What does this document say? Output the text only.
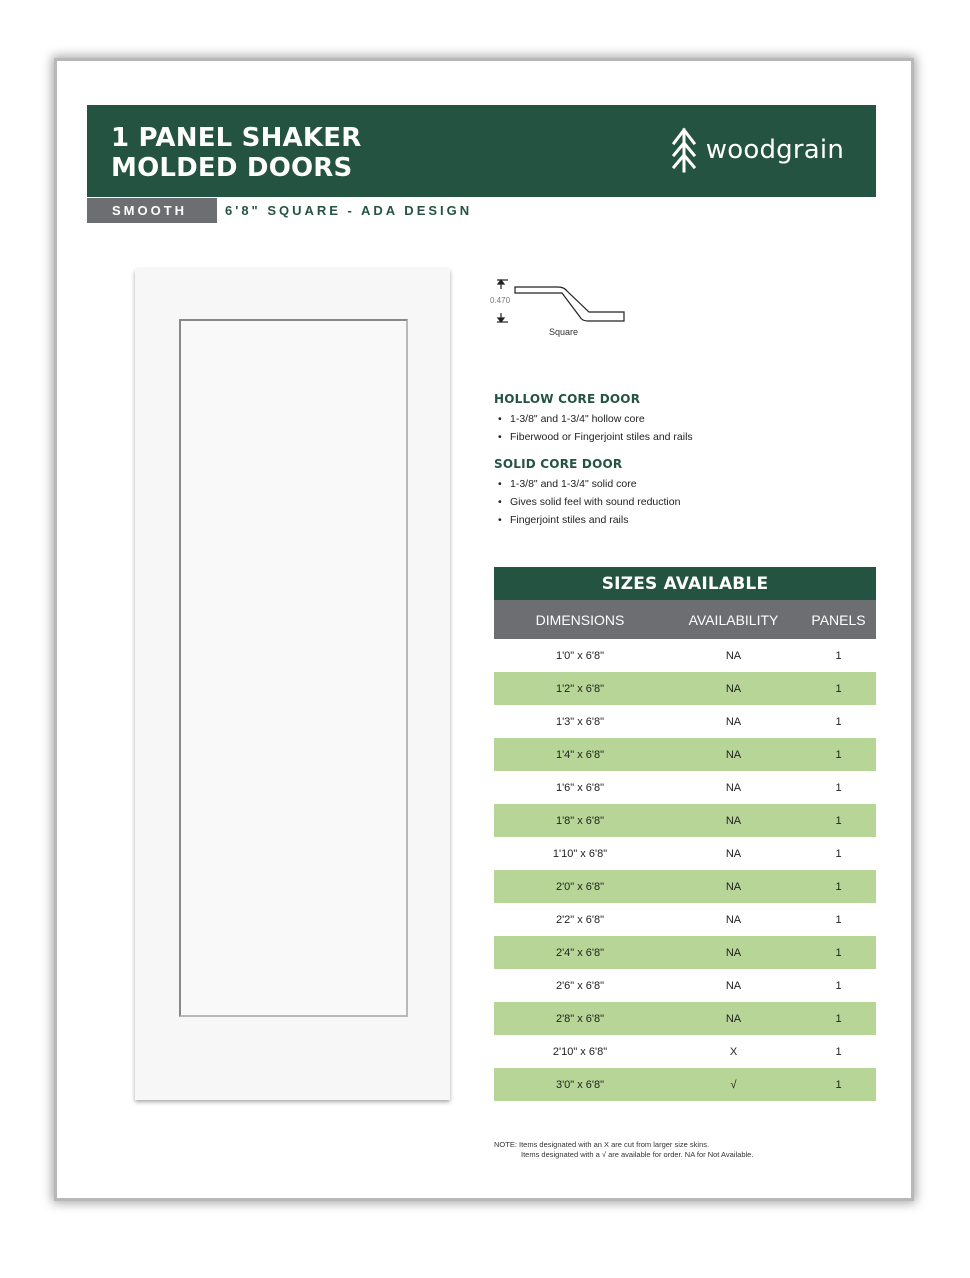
1 PANEL SHAKER
MOLDED DOORS
woodgrain
SMOOTH	6'8" SQUARE - ADA DESIGN
0.470
Square
HOLLOW CORE DOOR
• 1-3/8" and 1-3/4" hollow core
• Fiberwood or Fingerjoint stiles and rails
SOLID CORE DOOR
• 1-3/8" and 1-3/4" solid core
• Gives solid feel with sound reduction
• Fingerjoint stiles and rails
SIZES AVAILABLE
DIMENSIONS	AVAILABILITY	PANELS
1'0" x 6'8"	NA	1
1'2" x 6'8"	NA	1
1'3" x 6'8"	NA	1
1'4" x 6'8"	NA	1
1'6" x 6'8"	NA	1
1'8" x 6'8"	NA	1
1'10" x 6'8"	NA	1
2'0" x 6'8"	NA	1
2'2" x 6'8"	NA	1
2'4" x 6'8"	NA	1
2'6" x 6'8"	NA	1
2'8" x 6'8"	NA	1
2'10" x 6'8"	X	1
3'0" x 6'8"	√	1
NOTE: Items designated with an X are cut from larger size skins.
Items designated with a √ are available for order. NA for Not Available.
